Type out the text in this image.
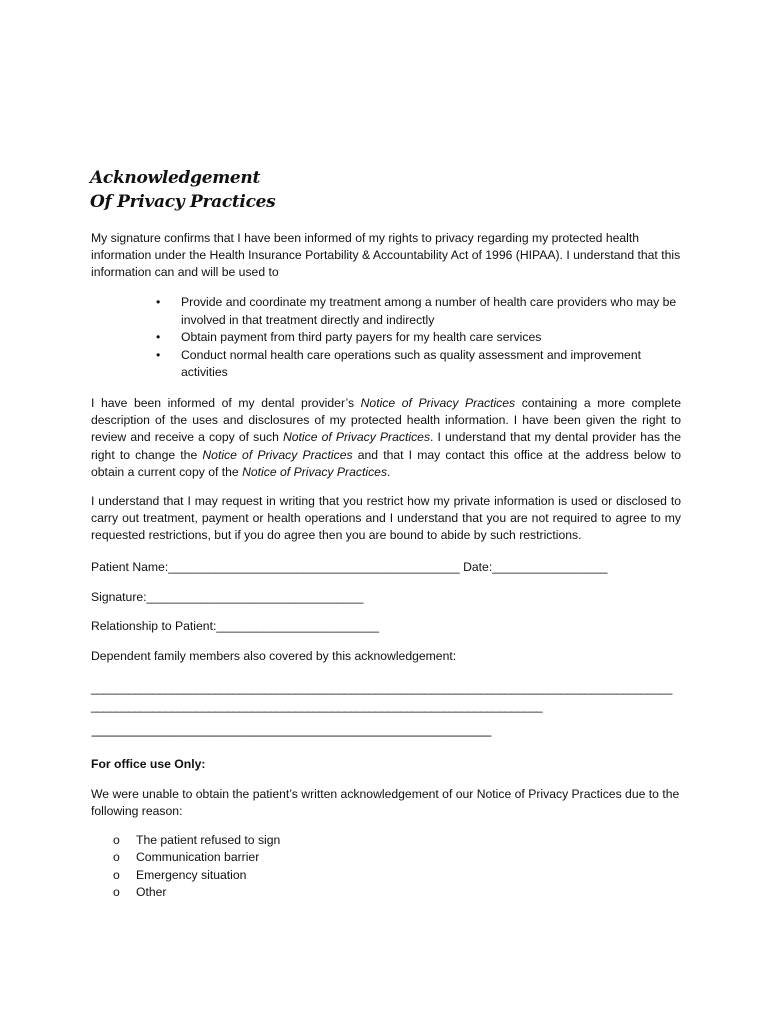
Acknowledgement
Of Privacy Practices
My signature confirms that I have been informed of my rights to privacy regarding my protected health information under the Health Insurance Portability & Accountability Act of 1996 (HIPAA). I understand that this information can and will be used to
• Provide and coordinate my treatment among a number of health care providers who may be involved in that treatment directly and indirectly
• Obtain payment from third party payers for my health care services
• Conduct normal health care operations such as quality assessment and improvement activities
I have been informed of my dental provider’s Notice of Privacy Practices containing a more complete description of the uses and disclosures of my protected health information. I have been given the right to review and receive a copy of such Notice of Privacy Practices. I understand that my dental provider has the right to change the Notice of Privacy Practices and that I may contact this office at the address below to obtain a current copy of the Notice of Privacy Practices.
I understand that I may request in writing that you restrict how my private information is used or disclosed to carry out treatment, payment or health operations and I understand that you are not required to agree to my requested restrictions, but if you do agree then you are bound to abide by such restrictions.
Patient Name:___________________________________________ Date:_________________
Signature:________________________________
Relationship to Patient:________________________
Dependent family members also covered by this acknowledgement:
______________________________________________________________________________________________
_________________________________________________________________________
------------------------------------------------------------------------------------------------------------------------------------------------------------
For office use Only:
We were unable to obtain the patient’s written acknowledgement of our Notice of Privacy Practices due to the following reason:
o The patient refused to sign
o Communication barrier
o Emergency situation
o Other
